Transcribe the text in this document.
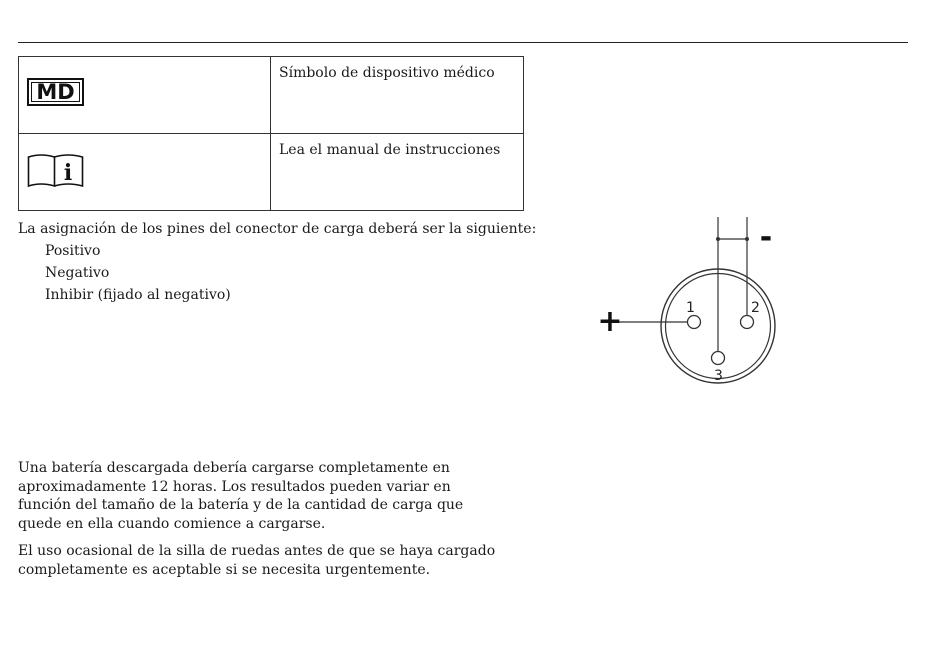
MD	Símbolo de dispositivo médico

i	Lea el manual de instrucciones

La asignación de los pines del conector de carga deberá ser la siguiente:

Positivo
Negativo
Inhibir (fijado al negativo)

Una batería descargada debería cargarse completamente en aproximadamente 12 horas. Los resultados pueden variar en función del tamaño de la batería y de la cantidad de carga que quede en ella cuando comience a cargarse.

El uso ocasional de la silla de ruedas antes de que se haya cargado completamente es aceptable si se necesita urgentemente.

1	2
3
+
-
